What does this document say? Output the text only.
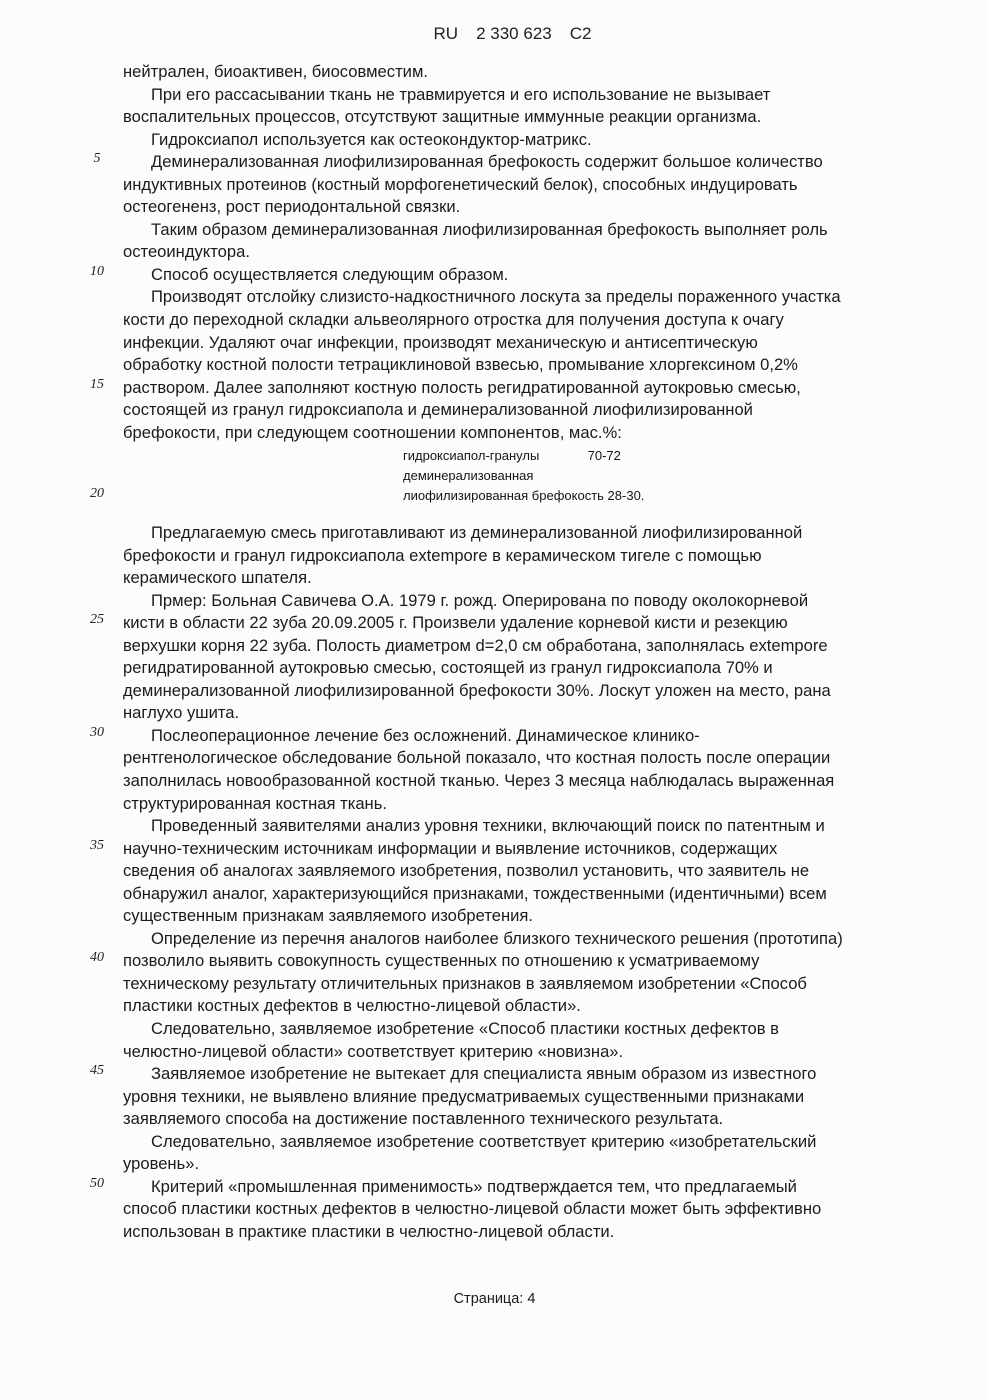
RU 2 330 623 C2
нейтрален, биоактивен, биосовместим.
При его рассасывании ткань не травмируется и его использование не вызывает
воспалительных процессов, отсутствуют защитные иммунные реакции организма.
Гидроксиапол используется как остеокондуктор-матрикс.
5	Деминерализованная лиофилизированная брефокость содержит большое количество
индуктивных протеинов (костный морфогенетический белок), способных индуцировать
остеогененз, рост периодонтальной связки.
Таким образом деминерализованная лиофилизированная брефокость выполняет роль
остеоиндуктора.
10	Способ осуществляется следующим образом.
Производят отслойку слизисто-надкостничного лоскута за пределы пораженного участка
кости до переходной складки альвеолярного отростка для получения доступа к очагу
инфекции. Удаляют очаг инфекции, производят механическую и антисептическую
обработку костной полости тетрациклиновой взвесью, промывание хлоргексином 0,2%
15	раствором. Далее заполняют костную полость регидратированной аутокровью смесью,
состоящей из гранул гидроксиапола и деминерализованной лиофилизированной
брефокости, при следующем соотношении компонентов, мас.%:
гидроксиапол-гранулы	70-72
деминерализованная
лиофилизированная брефокость 28-30.
20
Предлагаемую смесь приготавливают из деминерализованной лиофилизированной
брефокости и гранул гидроксиапола extempore в керамическом тигеле с помощью
керамического шпателя.
Прмер: Больная Савичева О.А. 1979 г. рожд. Оперирована по поводу околокорневой
25	кисти в области 22 зуба 20.09.2005 г. Произвели удаление корневой кисти и резекцию
верхушки корня 22 зуба. Полость диаметром d=2,0 см обработана, заполнялась extempore
регидратированной аутокровью смесью, состоящей из гранул гидроксиапола 70% и
деминерализованной лиофилизированной брефокости 30%. Лоскут уложен на место, рана
наглухо ушита.
30	Послеоперационное лечение без осложнений. Динамическое клинико-
рентгенологическое обследование больной показало, что костная полость после операции
заполнилась новообразованной костной тканью. Через 3 месяца наблюдалась выраженная
структурированная костная ткань.
Проведенный заявителями анализ уровня техники, включающий поиск по патентным и
35	научно-техническим источникам информации и выявление источников, содержащих
сведения об аналогах заявляемого изобретения, позволил установить, что заявитель не
обнаружил аналог, характеризующийся признаками, тождественными (идентичными) всем
существенным признакам заявляемого изобретения.
Определение из перечня аналогов наиболее близкого технического решения (прототипа)
40	позволило выявить совокупность существенных по отношению к усматриваемому
техническому результату отличительных признаков в заявляемом изобретении «Способ
пластики костных дефектов в челюстно-лицевой области».
Следовательно, заявляемое изобретение «Способ пластики костных дефектов в
челюстно-лицевой области» соответствует критерию «новизна».
45	Заявляемое изобретение не вытекает для специалиста явным образом из известного
уровня техники, не выявлено влияние предусматриваемых существенными признаками
заявляемого способа на достижение поставленного технического результата.
Следовательно, заявляемое изобретение соответствует критерию «изобретательский
уровень».
50	Критерий «промышленная применимость» подтверждается тем, что предлагаемый
способ пластики костных дефектов в челюстно-лицевой области может быть эффективно
использован в практике пластики в челюстно-лицевой области.
Страница: 4
